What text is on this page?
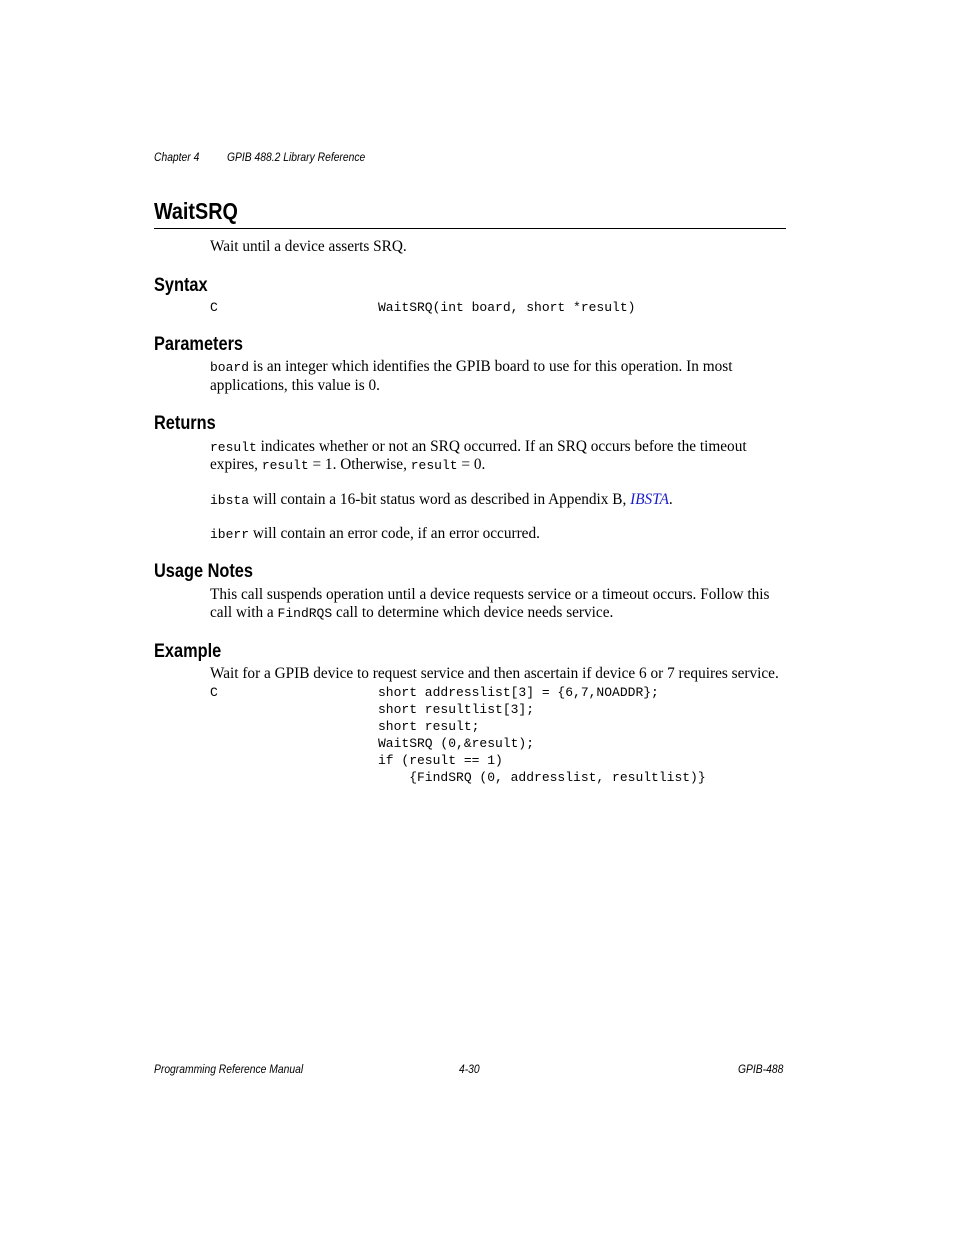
Chapter 4 GPIB 488.2 Library Reference
WaitSRQ
Wait until a device asserts SRQ.
Syntax
C	WaitSRQ(int board, short *result)
Parameters
board is an integer which identifies the GPIB board to use for this operation. In most
applications, this value is 0.
Returns
result indicates whether or not an SRQ occurred. If an SRQ occurs before the timeout
expires, result = 1. Otherwise, result = 0.
ibsta will contain a 16-bit status word as described in Appendix B, IBSTA.
iberr will contain an error code, if an error occurred.
Usage Notes
This call suspends operation until a device requests service or a timeout occurs. Follow this
call with a FindRQS call to determine which device needs service.
Example
Wait for a GPIB device to request service and then ascertain if device 6 or 7 requires service.
C	short addresslist[3] = {6,7,NOADDR};
short resultlist[3];
short result;
WaitSRQ (0,&result);
if (result == 1)
{FindSRQ (0, addresslist, resultlist)}
Programming Reference Manual	4-30	GPIB-488
